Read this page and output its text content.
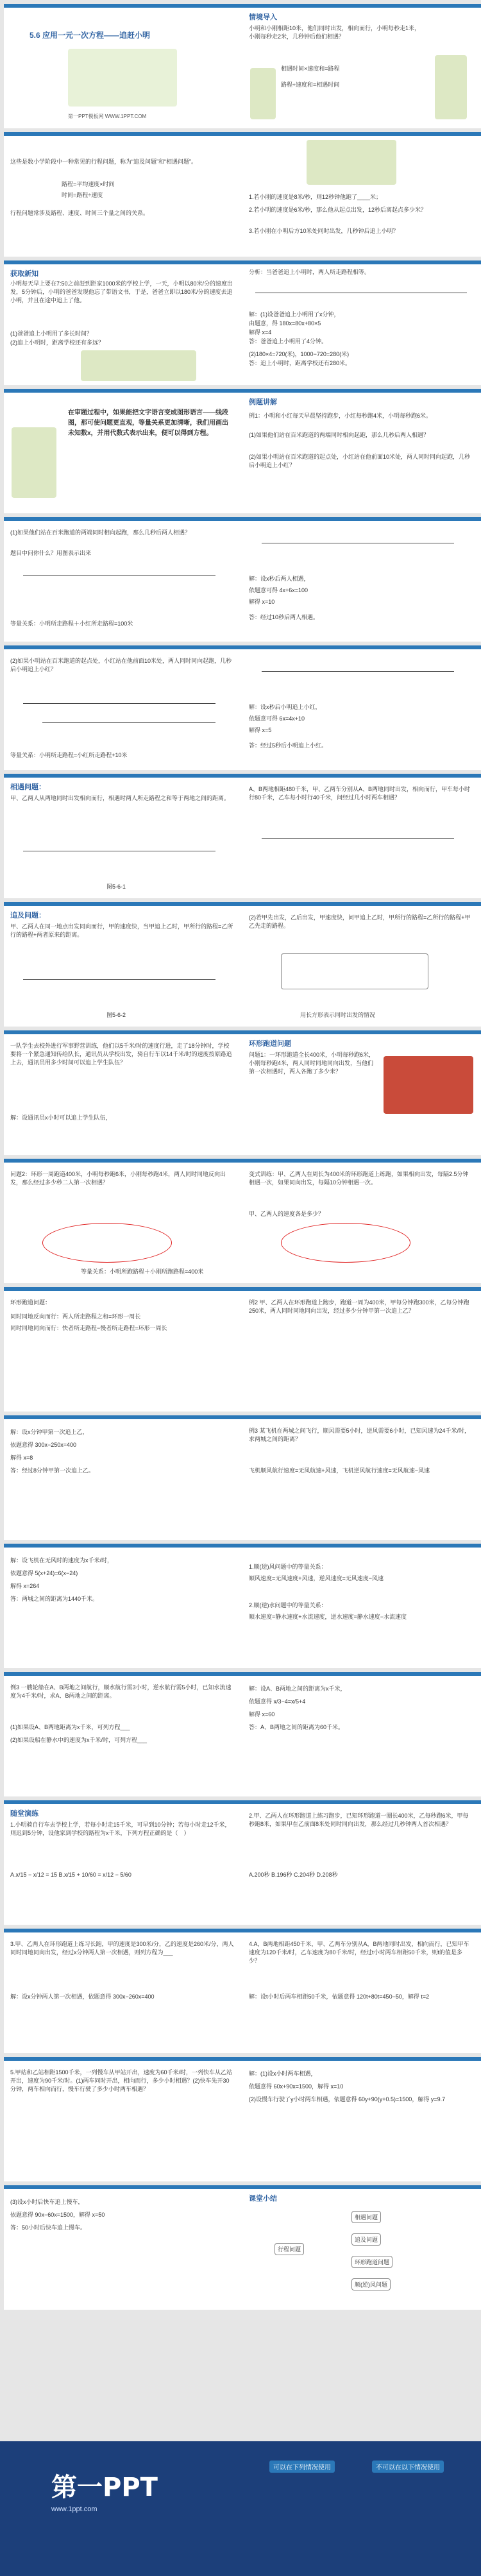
5.6 应用一元一次方程——追赶小明
第一PPT模板网 WWW.1PPT.COM
情境导入
小明和小刚相距10米，他们同时出发，相向而行，小明每秒走1米，小刚每秒走2米，几秒钟后他们相遇？
相遇时间×速度和=路程
路程÷速度和=相遇时间
这些是数小学阶段中一种常见的行程问题，称为“追及问题”和“相遇问题”。
路程=平均速度×时间
时间=路程÷速度
行程问题常涉及路程、速度、时间三个量之间的关系。
1.若小刚的速度是8米/秒，则12秒钟他跑了____米；
2.若小明的速度是6米/秒，那么他从起点出发，12秒后离起点多少米？
3.若小刚在小明后方10米处同时出发，几秒钟后追上小明？
获取新知
小明每天早上要在7:50之前赶到距家1000米的学校上学，一天，小明以80米/分的速度出发，5分钟后，小明的爸爸发现他忘了带语文书，于是，爸爸立即以180米/分的速度去追小明，并且在途中追上了他。
(1)爸爸追上小明用了多长时间？
(2)追上小明时，距离学校还有多远？
分析：当爸爸追上小明时，两人所走路程相等。
解：(1)设爸爸追上小明用了x分钟，
由题意，得 180x=80x+80×5
解得 x=4
答：爸爸追上小明用了4分钟。
(2)180×4=720(米)，1000−720=280(米)
答：追上小明时，距离学校还有280米。
在审题过程中，如果能把文字语言变成图形语言——线段图，那可使问题更直观，等量关系更加清晰，我们用画出未知数x，并用代数式表示出来，便可以得到方程。
例题讲解
例1：小明和小红每天早晨坚持跑步，小红每秒跑4米，小明每秒跑6米。
(1)如果他们站在百米跑道的两端同时相向起跑，那么几秒后两人相遇？
(2)如果小明站在百米跑道的起点处，小红站在他前面10米处，两人同时同向起跑，几秒后小明追上小红？
(1)如果他们站在百米跑道的两端同时相向起跑，那么几秒后两人相遇？
题目中问你什么？用图表示出来
等量关系：小明所走路程＋小红所走路程=100米
解：设x秒后两人相遇，
依题意可得 4x+6x=100
解得 x=10
答：经过10秒后两人相遇。
(2)如果小明站在百米跑道的起点处，小红站在他前面10米处，两人同时同向起跑，几秒后小明追上小红？
等量关系：小明所走路程=小红所走路程+10米
解：设x秒后小明追上小红，
依题意可得 6x=4x+10
解得 x=5
答：经过5秒后小明追上小红。
相遇问题：
甲、乙两人从两地同时出发相向而行，相遇时两人所走路程之和等于两地之间的距离。
图5-6-1
A、B两地相距480千米，甲、乙两车分别从A、B两地同时出发，相向而行，甲车每小时行80千米，乙车每小时行40千米，问经过几小时两车相遇？
追及问题：
甲、乙两人在同一地点出发同向而行，甲的速度快，当甲追上乙时，甲所行的路程=乙所行的路程+两者原来的距离。
图5-6-2
(2)若甲先出发，乙后出发，甲速度快，问甲追上乙时，甲所行的路程=乙所行的路程+甲乙先走的路程。
用长方形表示同时出发的情况
一队学生去校外进行军事野营训练，他们以5千米/时的速度行进，走了18分钟时，学校要将一个紧急通知传给队长，通讯员从学校出发，骑自行车以14千米/时的速度按原路追上去，通讯员用多少时间可以追上学生队伍？
解：设通讯员x小时可以追上学生队伍，
环形跑道问题
问题1：一环形跑道全长400米，小明每秒跑6米，小刚每秒跑4米，两人同时同地同向出发，当他们第一次相遇时，两人各跑了多少米？
问题2：环形一周跑道400米，小明每秒跑6米，小刚每秒跑4米，两人同时同地反向出发，那么经过多少秒二人第一次相遇？
等量关系：小明所跑路程＋小刚所跑路程=400米
变式训练：甲、乙两人在周长为400米的环形跑道上练跑，如果相向出发，每隔2.5分钟相遇一次，如果同向出发，每隔10分钟相遇一次。
甲、乙两人的速度各是多少？
环形跑道问题：
同时同地反向而行：两人所走路程之和=环形一周长
同时同地同向而行：快者所走路程−慢者所走路程=环形一周长
例2 甲、乙两人在环形跑道上跑步，跑道一周为400米，甲每分钟跑300米，乙每分钟跑250米，两人同时同地同向出发，经过多少分钟甲第一次追上乙？
解：设x分钟甲第一次追上乙，
依题意得 300x−250x=400
解得 x=8
答：经过8分钟甲第一次追上乙。
例3 某飞机在两城之间飞行，顺风需要5小时，逆风需要6小时，已知风速为24千米/时，求两城之间的距离？
飞机顺风航行速度=无风航速+风速，飞机逆风航行速度=无风航速−风速
解：设飞机在无风时的速度为x千米/时，
依题意得 5(x+24)=6(x−24)
解得 x=264
答：两城之间的距离为1440千米。
1.顺(逆)风问题中的等量关系：
顺风速度=无风速度+风速，逆风速度=无风速度−风速
2.顺(逆)水问题中的等量关系：
顺水速度=静水速度+水流速度，逆水速度=静水速度−水流速度
例3 一艘轮船在A、B两地之间航行，顺水航行需3小时，逆水航行需5小时，已知水流速度为4千米/时，求A、B两地之间的距离。
(1)如果设A、B两地距离为x千米，可列方程___
(2)如果设船在静水中的速度为x千米/时，可列方程___
解：设A、B两地之间的距离为x千米，
依题意得 x/3−4=x/5+4
解得 x=60
答：A、B两地之间的距离为60千米。
随堂演练
1.小明骑自行车去学校上学，若每小时走15千米，可早到10分钟；若每小时走12千米，则迟到5分钟，设他家到学校的路程为x千米，下列方程正确的是（　）
A.x/15 − x/12 = 15 B.x/15 + 10/60 = x/12 − 5/60
2.甲、乙两人在环形跑道上练习跑步，已知环形跑道一圈长400米，乙每秒跑6米，甲每秒跑8米，如果甲在乙前面8米处同时同向出发，那么经过几秒钟两人首次相遇？
A.200秒 B.196秒 C.204秒 D.208秒
3.甲、乙两人在环形跑道上练习长跑，甲的速度是300米/分，乙的速度是260米/分，两人同时同地同向出发，经过x分钟两人第一次相遇，则列方程为___
解：设x分钟两人第一次相遇，依题意得 300x−260x=400
4.A，B两地相距450千米，甲、乙两车分别从A，B两地同时出发，相向而行，已知甲车速度为120千米/时，乙车速度为80千米/时，经过t小时两车相距50千米，则t的值是多少？
解：设t小时后两车相距50千米，依题意得 120t+80t=450−50，解得 t=2
5.甲站和乙站相距1500千米，一列慢车从甲站开出，速度为60千米/时，一列快车从乙站开出，速度为90千米/时。(1)两车同时开出，相向而行，多少小时相遇？(2)快车先开30分钟，两车相向而行，慢车行驶了多少小时两车相遇？
解：(1)设x小时两车相遇，
依题意得 60x+90x=1500，解得 x=10
(2)设慢车行驶了y小时两车相遇，依题意得 60y+90(y+0.5)=1500，解得 y=9.7
(3)设x小时后快车追上慢车，
依题意得 90x−60x=1500，解得 x=50
答：50小时后快车追上慢车。
课堂小结
行程问题
相遇问题
追及问题
环形跑道问题
顺(逆)风问题
第一PPT
www.1ppt.com
可以在下列情况使用	不可以在以下情况使用
